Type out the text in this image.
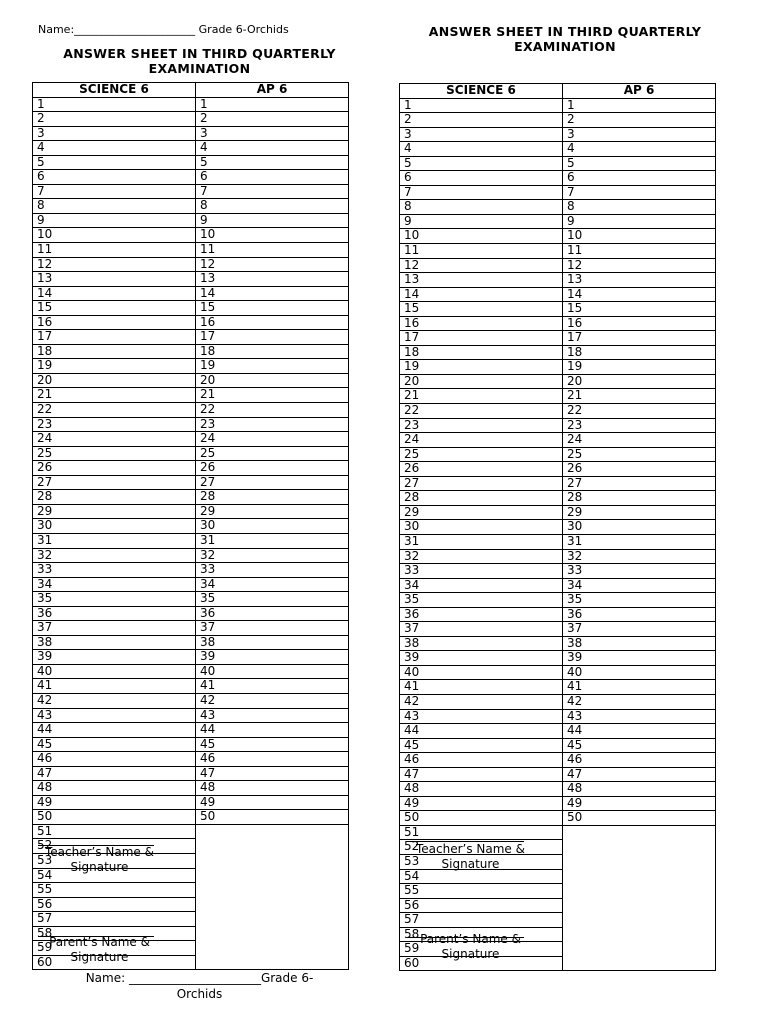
Name:______________________ Grade 6-Orchids
ANSWER SHEET IN THIRD QUARTERLY
EXAMINATION
ANSWER SHEET IN THIRD QUARTERLY
EXAMINATION
SCIENCE 6	AP 6
1	1
2	2
3	3
4	4
5	5
6	6
7	7
8	8
9	9
10	10
11	11
12	12
13	13
14	14
15	15
16	16
17	17
18	18
19	19
20	20
21	21
22	22
23	23
24	24
25	25
26	26
27	27
28	28
29	29
30	30
31	31
32	32
33	33
34	34
35	35
36	36
37	37
38	38
39	39
40	40
41	41
42	42
43	43
44	44
45	45
46	46
47	47
48	48
49	49
50	50
51	
52	
53	
54	
55	
56	
57	
58	
59	
60	
SCIENCE 6	AP 6
1	1
2	2
3	3
4	4
5	5
6	6
7	7
8	8
9	9
10	10
11	11
12	12
13	13
14	14
15	15
16	16
17	17
18	18
19	19
20	20
21	21
22	22
23	23
24	24
25	25
26	26
27	27
28	28
29	29
30	30
31	31
32	32
33	33
34	34
35	35
36	36
37	37
38	38
39	39
40	40
41	41
42	42
43	43
44	44
45	45
46	46
47	47
48	48
49	49
50	50
51	
52	
53	
54	
55	
56	
57	
58	
59	
60	
Teacher’s Name & Signature
Parent’s Name & Signature
Teacher’s Name & Signature
Parent’s Name & Signature
Name: ______________________Grade 6-
Orchids
